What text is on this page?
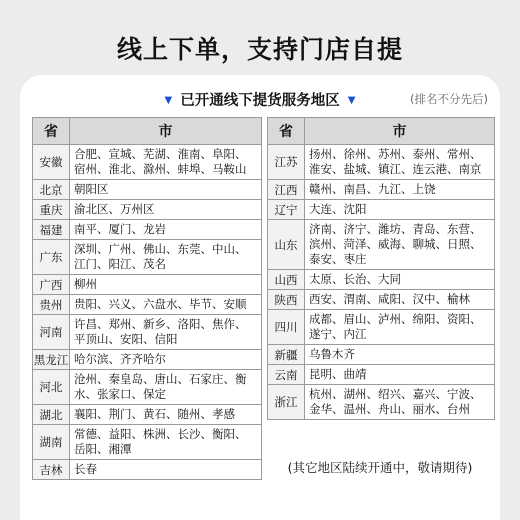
线上下单，支持门店自提
▼ 已开通线下提货服务地区 ▼	(排名不分先后)
省	市
安徽	合肥、宣城、芜湖、淮南、阜阳、宿州、淮北、滁州、蚌埠、马鞍山
北京	朝阳区
重庆	渝北区、万州区
福建	南平、厦门、龙岩
广东	深圳、广州、佛山、东莞、中山、江门、阳江、茂名
广西	柳州
贵州	贵阳、兴义、六盘水、毕节、安顺
河南	许昌、郑州、新乡、洛阳、焦作、平顶山、安阳、信阳
黑龙江	哈尔滨、齐齐哈尔
河北	沧州、秦皇岛、唐山、石家庄、衡水、张家口、保定
湖北	襄阳、荆门、黄石、随州、孝感
湖南	常德、益阳、株洲、长沙、衡阳、岳阳、湘潭
吉林	长春
省	市
江苏	扬州、徐州、苏州、泰州、常州、淮安、盐城、镇江、连云港、南京
江西	赣州、南昌、九江、上饶
辽宁	大连、沈阳
山东	济南、济宁、潍坊、青岛、东营、滨州、菏泽、威海、聊城、日照、泰安、枣庄
山西	太原、长治、大同
陕西	西安、渭南、咸阳、汉中、榆林
四川	成都、眉山、泸州、绵阳、资阳、遂宁、内江
新疆	乌鲁木齐
云南	昆明、曲靖
浙江	杭州、湖州、绍兴、嘉兴、宁波、金华、温州、舟山、丽水、台州
(其它地区陆续开通中，敬请期待)
